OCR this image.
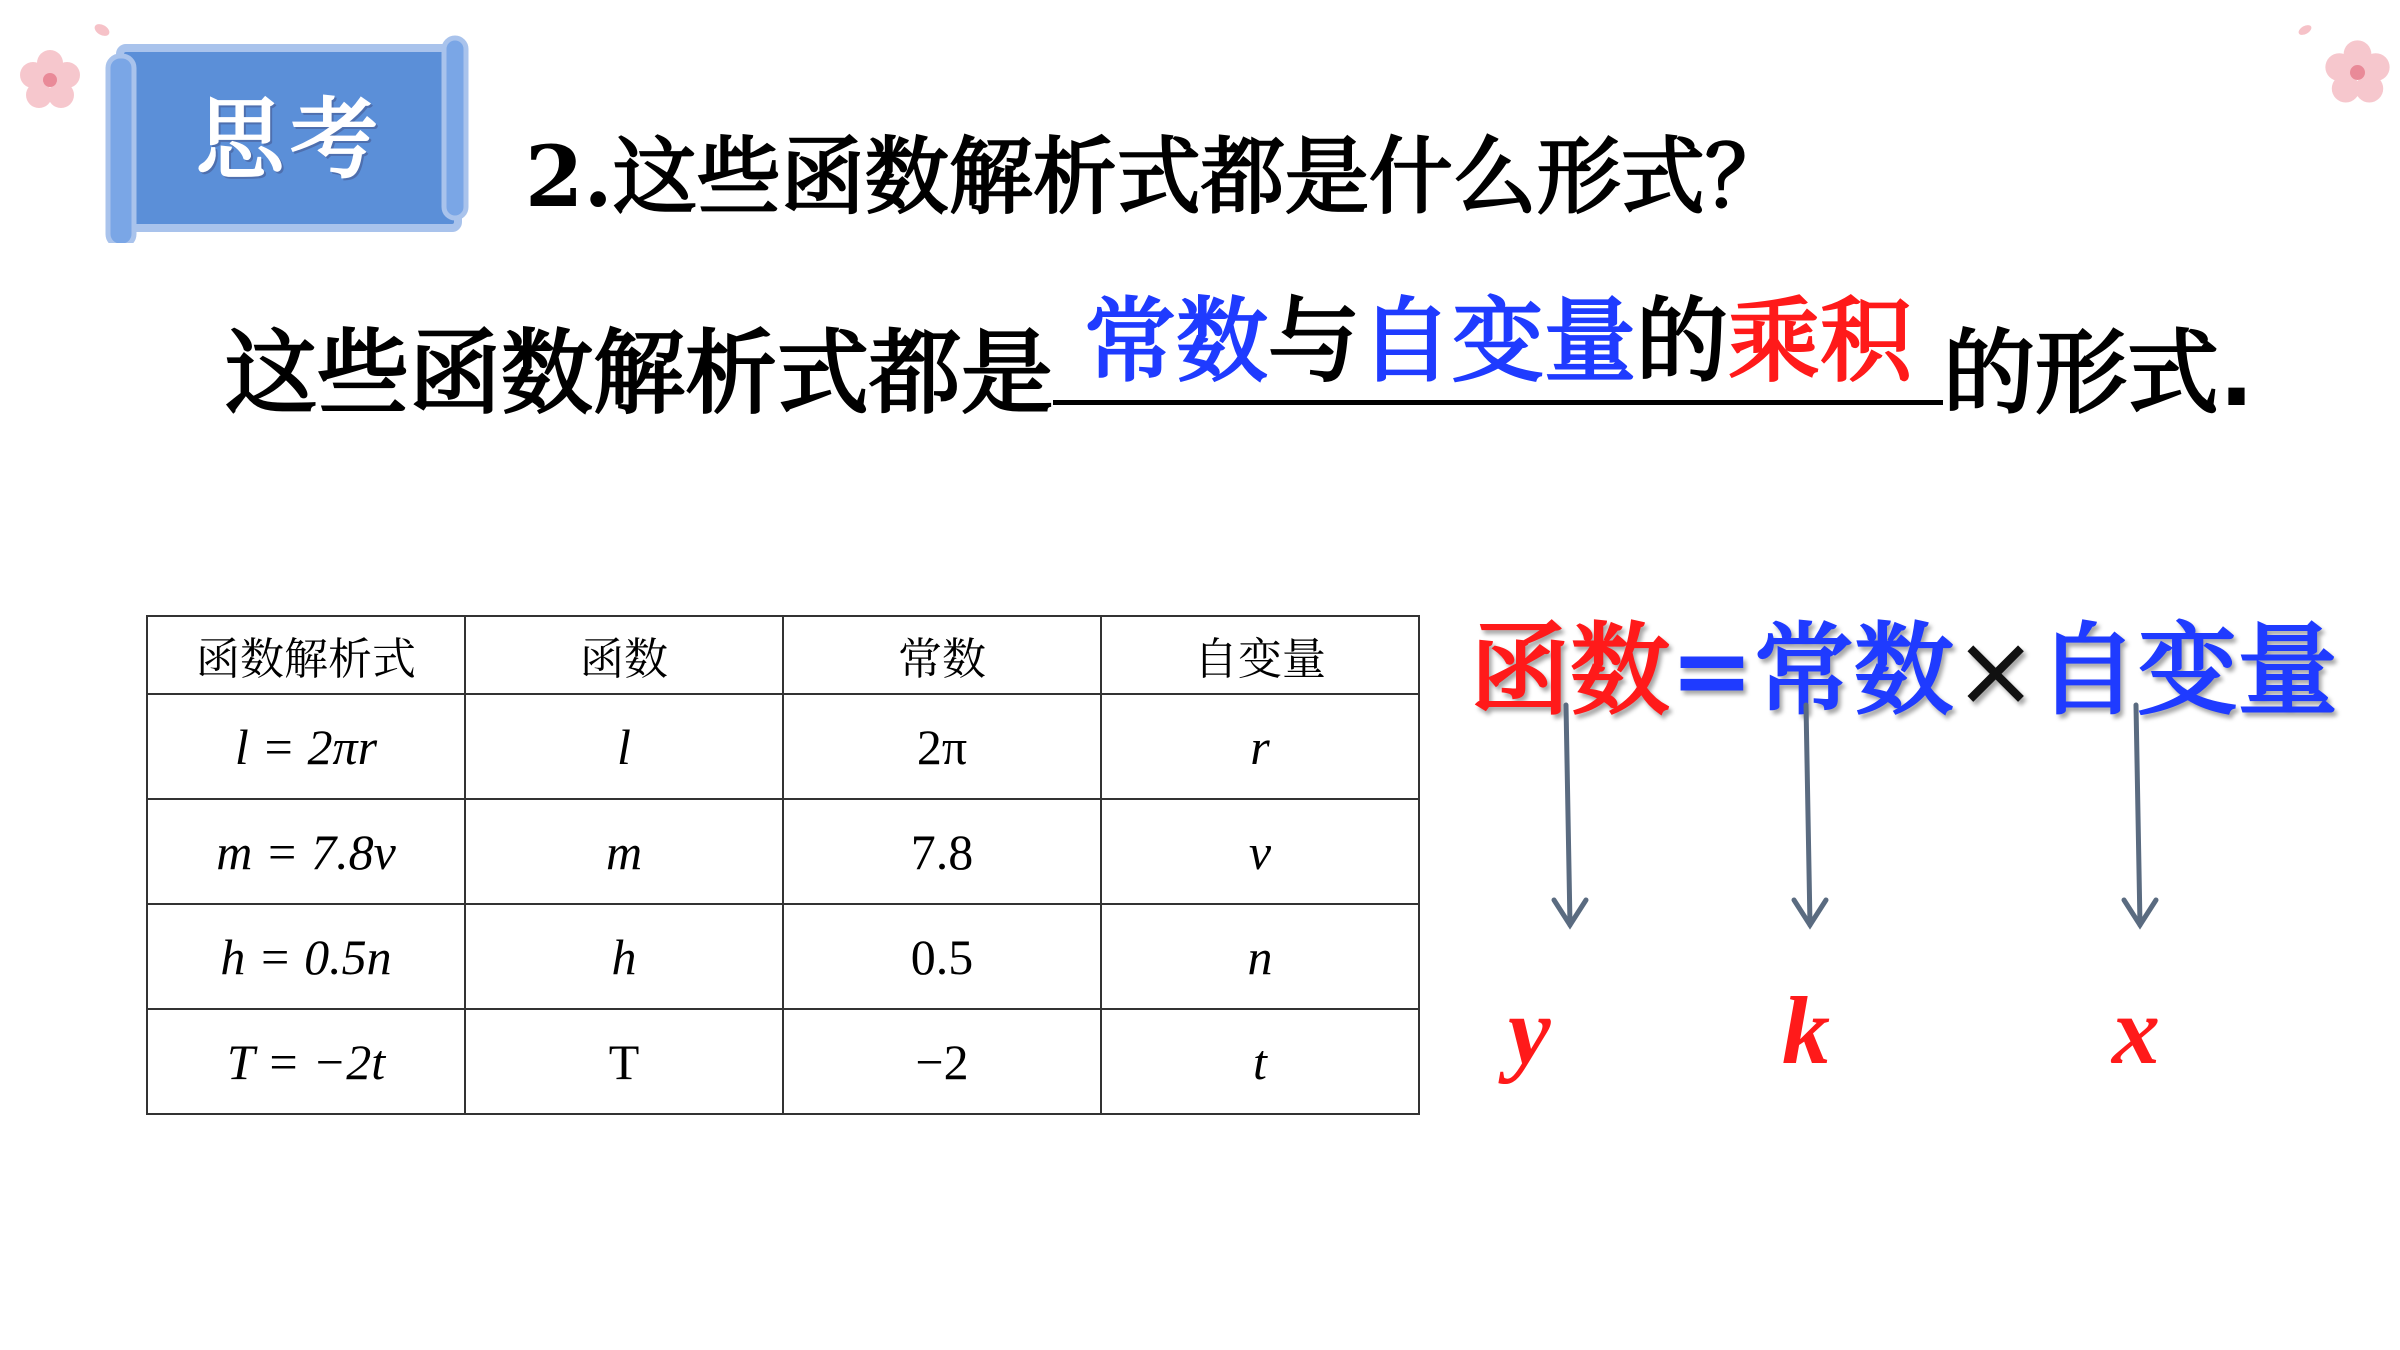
思考	2.这些函数解析式都是什么形式？
这些函数解析式都是 常数与自变量的乘积 的形式.
函数解析式	函数	常数	自变量
l = 2πr	l	2π	r
m = 7.8v	m	7.8	v
h = 0.5n	h	0.5	n
T = −2t	T	−2	t
函数=常数×自变量
y k	x
